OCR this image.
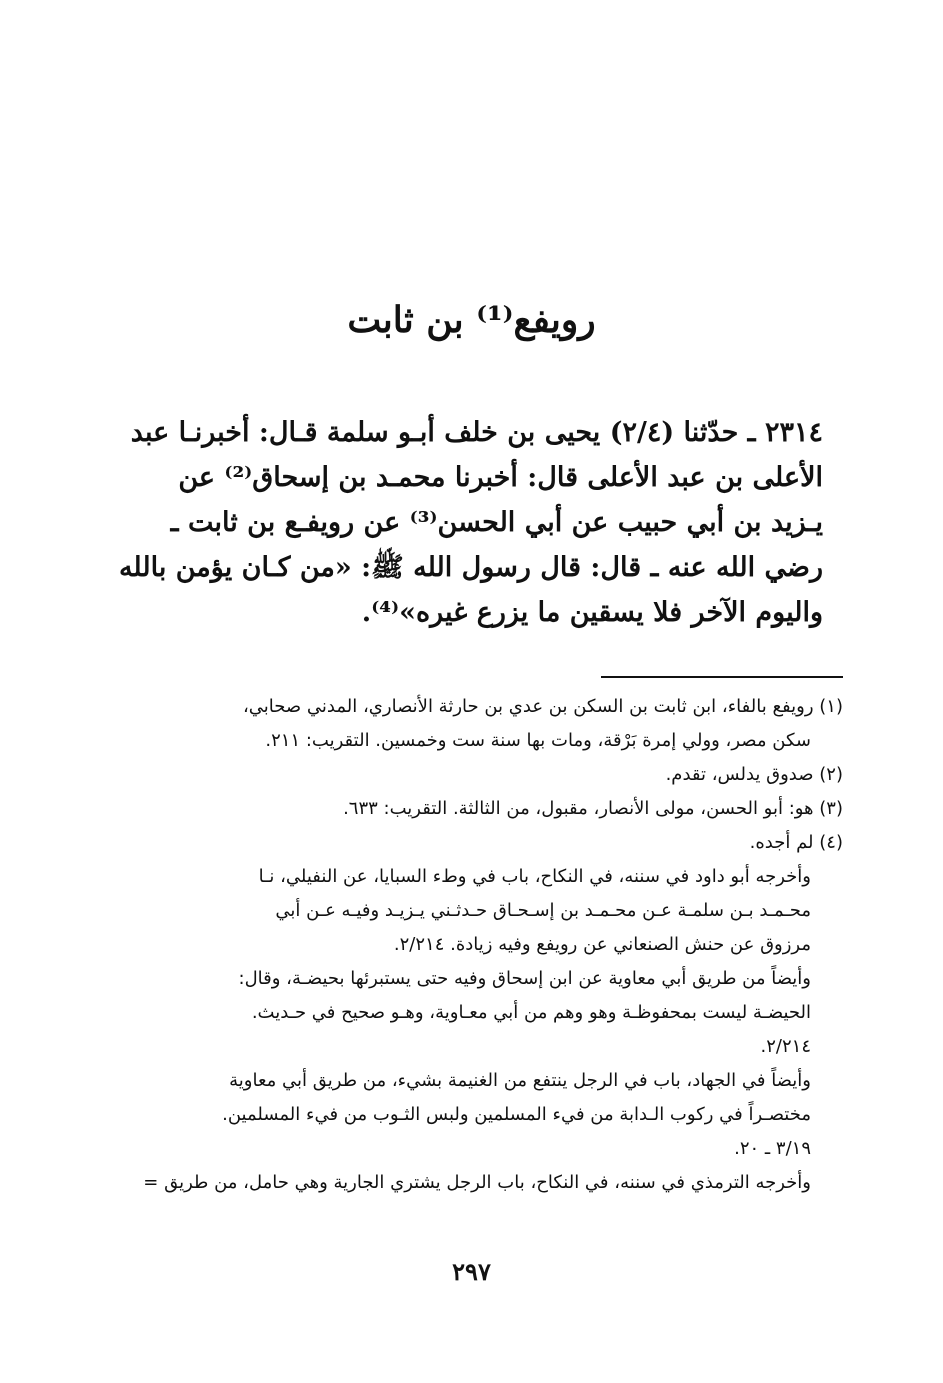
رويفع⁽¹⁾ بن ثابت
٢٣١٤ ـ حدّثنا (٢/٤) يحيى بن خلف أبـو سلمة قـال: أخبرنـا عبد
الأعلى بن عبد الأعلى قال: أخبرنا محمـد بن إسحاق⁽²⁾ عن
يـزيد بن أبي حبيب عن أبي الحسن⁽³⁾ عن رويفـع بن ثابت ـ
رضي الله عنه ـ قال: قال رسول الله ﷺ: «من كـان يؤمن بالله
واليوم الآخر فلا يسقين ما يزرع غيره»⁽⁴⁾.
(١) رويفع بالفاء، ابن ثابت بن السكن بن عدي بن حارثة الأنصاري، المدني صحابي،
سكن مصر، وولي إمرة بَرْقة، ومات بها سنة ست وخمسين. التقريب: ٢١١.
(٢) صدوق يدلس، تقدم.
(٣) هو: أبو الحسن، مولى الأنصار، مقبول، من الثالثة. التقريب: ٦٣٣.
(٤) لم أجده.
وأخرجه أبو داود في سننه، في النكاح، باب في وطء السبايا، عن النفيلي، نـا
محـمـد بـن سلمـة عـن محـمـد بن إسـحـاق حـدثـني يـزيـد وفيـه عـن أبي
مرزوق عن حنش الصنعاني عن رويفع وفيه زيادة. ٢/٢١٤.
وأيضاً من طريق أبي معاوية عن ابن إسحاق وفيه حتى يستبرئها بحيضـة، وقال:
الحيضـة ليست بمحفوظـة وهو وهم من أبي معـاوية، وهـو صحيح في حـديث.
٢/٢١٤.
وأيضاً في الجهاد، باب في الرجل ينتفع من الغنيمة بشيء، من طريق أبي معاوية
مختصـراً في ركوب الـدابة من فيء المسلمين ولبس الثـوب من فيء المسلمين.
٣/١٩ ـ ٢٠.
وأخرجه الترمذي في سننه، في النكاح، باب الرجل يشتري الجارية وهي حامل، من طريق =
٢٩٧
